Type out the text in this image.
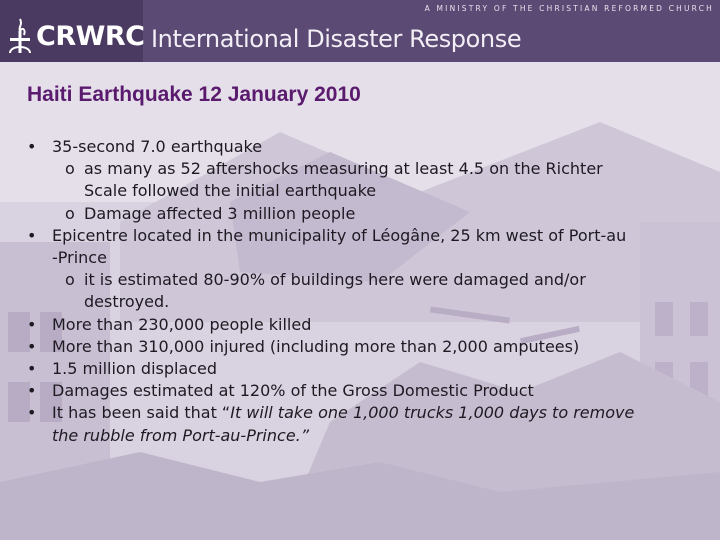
CRWRC
A MINISTRY OF THE CHRISTIAN REFORMED CHURCH
International Disaster Response
Haiti Earthquake 12 January 2010
• 35-second 7.0 earthquake
o as many as 52 aftershocks measuring at least 4.5 on the Richter
Scale followed the initial earthquake
o Damage affected 3 million people
• Epicentre located in the municipality of Léogâne, 25 km west of Port-au
-Prince
o it is estimated 80-90% of buildings here were damaged and/or
destroyed.
• More than 230,000 people killed
• More than 310,000 injured (including more than 2,000 amputees)
• 1.5 million displaced
• Damages estimated at 120% of the Gross Domestic Product
• It has been said that “It will take one 1,000 trucks 1,000 days to remove
the rubble from Port-au-Prince.”
